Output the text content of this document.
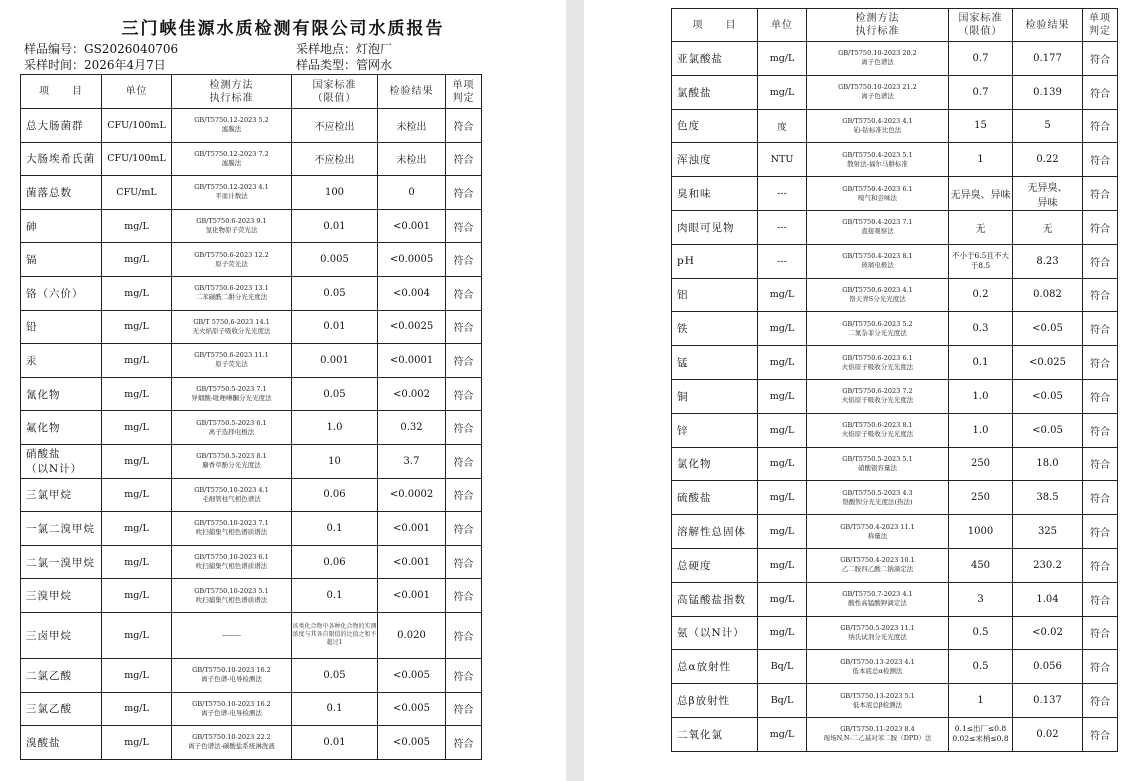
三门峡佳源水质检测有限公司水质报告
样品编号：GS2026040706
采样时间：2026年4月7日
采样地点：灯泡厂
样品类型：管网水
项　　目	单位	检测方法
执行标准	国家标准
（限值）	检验结果	单项
判定

总大肠菌群	CFU/100mL	GB/T5750.12-2023 5.2
滤膜法	不应检出	未检出	符合
大肠埃希氏菌	CFU/100mL	GB/T5750.12-2023 7.2
滤膜法	不应检出	未检出	符合
菌落总数	CFU/mL	GB/T5750.12-2023 4.1
平皿计数法	100	0	符合
砷	mg/L	GB/T5750.6-2023 9.1
氢化物原子荧光法	0.01	<0.001	符合
镉	mg/L	GB/T5750.6-2023 12.2
原子荧光法	0.005	<0.0005	符合
铬（六价）	mg/L	GB/T5750.6-2023 13.1
二苯碳酰二肼分光光度法	0.05	<0.004	符合
铅	mg/L	GB/T 5750.6-2023 14.1
无火焰原子吸收分光光度法	0.01	<0.0025	符合
汞	mg/L	GB/T5750.6-2023 11.1
原子荧光法	0.001	<0.0001	符合
氰化物	mg/L	GB/T5750.5-2023 7.1
异烟酸-吡唑啉酮分光光度法	0.05	<0.002	符合
氟化物	mg/L	GB/T5750.5-2023 6.1
离子选择电极法	1.0	0.32	符合
硝酸盐
（以N计）	mg/L	GB/T5750.5-2023 8.1
麝香草酚分光光度法	10	3.7	符合
三氯甲烷	mg/L	GB/T5750.10-2023 4.1
毛细管柱气相色谱法	0.06	<0.0002	符合
一氯二溴甲烷	mg/L	GB/T5750.10-2023 7.1
吹扫捕集气相色谱质谱法	0.1	<0.001	符合
二氯一溴甲烷	mg/L	GB/T5750.10-2023 6.1
吹扫捕集气相色谱质谱法	0.06	<0.001	符合
三溴甲烷	mg/L	GB/T5750.10-2023 5.1
吹扫捕集气相色谱质谱法	0.1	<0.001	符合
三卤甲烷	mg/L	———	该类化合物中各种化合物的实测浓度与其各自限值的比值之和不超过1	0.020	符合
二氯乙酸	mg/L	GB/T5750.10-2023 16.2
离子色谱-电导检测法	0.05	<0.005	符合
三氯乙酸	mg/L	GB/T5750.10-2023 16.2
离子色谱-电导检测法	0.1	<0.005	符合
溴酸盐	mg/L	GB/T5750.10-2023 22.2
离子色谱法-碳酸盐系统淋洗液	0.01	<0.005	符合
项　　目	单位	检测方法
执行标准	国家标准
（限值）	检验结果	单项
判定

亚氯酸盐	mg/L	GB/T5750.10-2023 20.2
离子色谱法	0.7	0.177	符合
氯酸盐	mg/L	GB/T5750.10-2023 21.2
离子色谱法	0.7	0.139	符合
色度	度	GB/T5750.4-2023 4.1
铂-钴标准比色法	15	5	符合
浑浊度	NTU	GB/T5750.4-2023 5.1
散射法-福尔马肼标准	1	0.22	符合
臭和味	---	GB/T5750.4-2023 6.1
嗅气和尝味法	无异臭、异味	无异臭、
异味	符合
肉眼可见物	---	GB/T5750.4-2023 7.1
直接观察法	无	无	符合
pH	---	GB/T5750.4-2023 8.1
玻璃电极法	不小于6.5且不大于8.5	8.23	符合
铝	mg/L	GB/T5750.6-2023 4.1
铬天青S分光光度法	0.2	0.082	符合
铁	mg/L	GB/T5750.6-2023 5.2
二氮杂菲分光光度法	0.3	<0.05	符合
锰	mg/L	GB/T5750.6-2023 6.1
火焰原子吸收分光光度法	0.1	<0.025	符合
铜	mg/L	GB/T5750.6-2023 7.2
火焰原子吸收分光光度法	1.0	<0.05	符合
锌	mg/L	GB/T5750.6-2023 8.1
火焰原子吸收分光光度法	1.0	<0.05	符合
氯化物	mg/L	GB/T5750.5-2023 5.1
硝酸银容量法	250	18.0	符合
硫酸盐	mg/L	GB/T5750.5-2023 4.3
铬酸钡分光光度法(热法)	250	38.5	符合
溶解性总固体	mg/L	GB/T5750.4-2023 11.1
称量法	1000	325	符合
总硬度	mg/L	GB/T5750.4-2023 10.1
乙二胺四乙酸二钠滴定法	450	230.2	符合
高锰酸盐指数	mg/L	GB/T5750.7-2023 4.1
酸性高锰酸钾滴定法	3	1.04	符合
氨（以N计）	mg/L	GB/T5750.5-2023 11.1
纳氏试剂分光光度法	0.5	<0.02	符合
总α放射性	Bq/L	GB/T5750.13-2023 4.1
低本底总α检测法	0.5	0.056	符合
总β放射性	Bq/L	GB/T5750.13-2023 5.1
低本底总β检测法	1	0.137	符合
二氧化氯	mg/L	GB/T5750.11-2023 8.4
现场N,N-二乙基对苯二胺（DPD）法	0.1≤出厂≤0.8
0.02≤末梢≤0.8	0.02	符合
